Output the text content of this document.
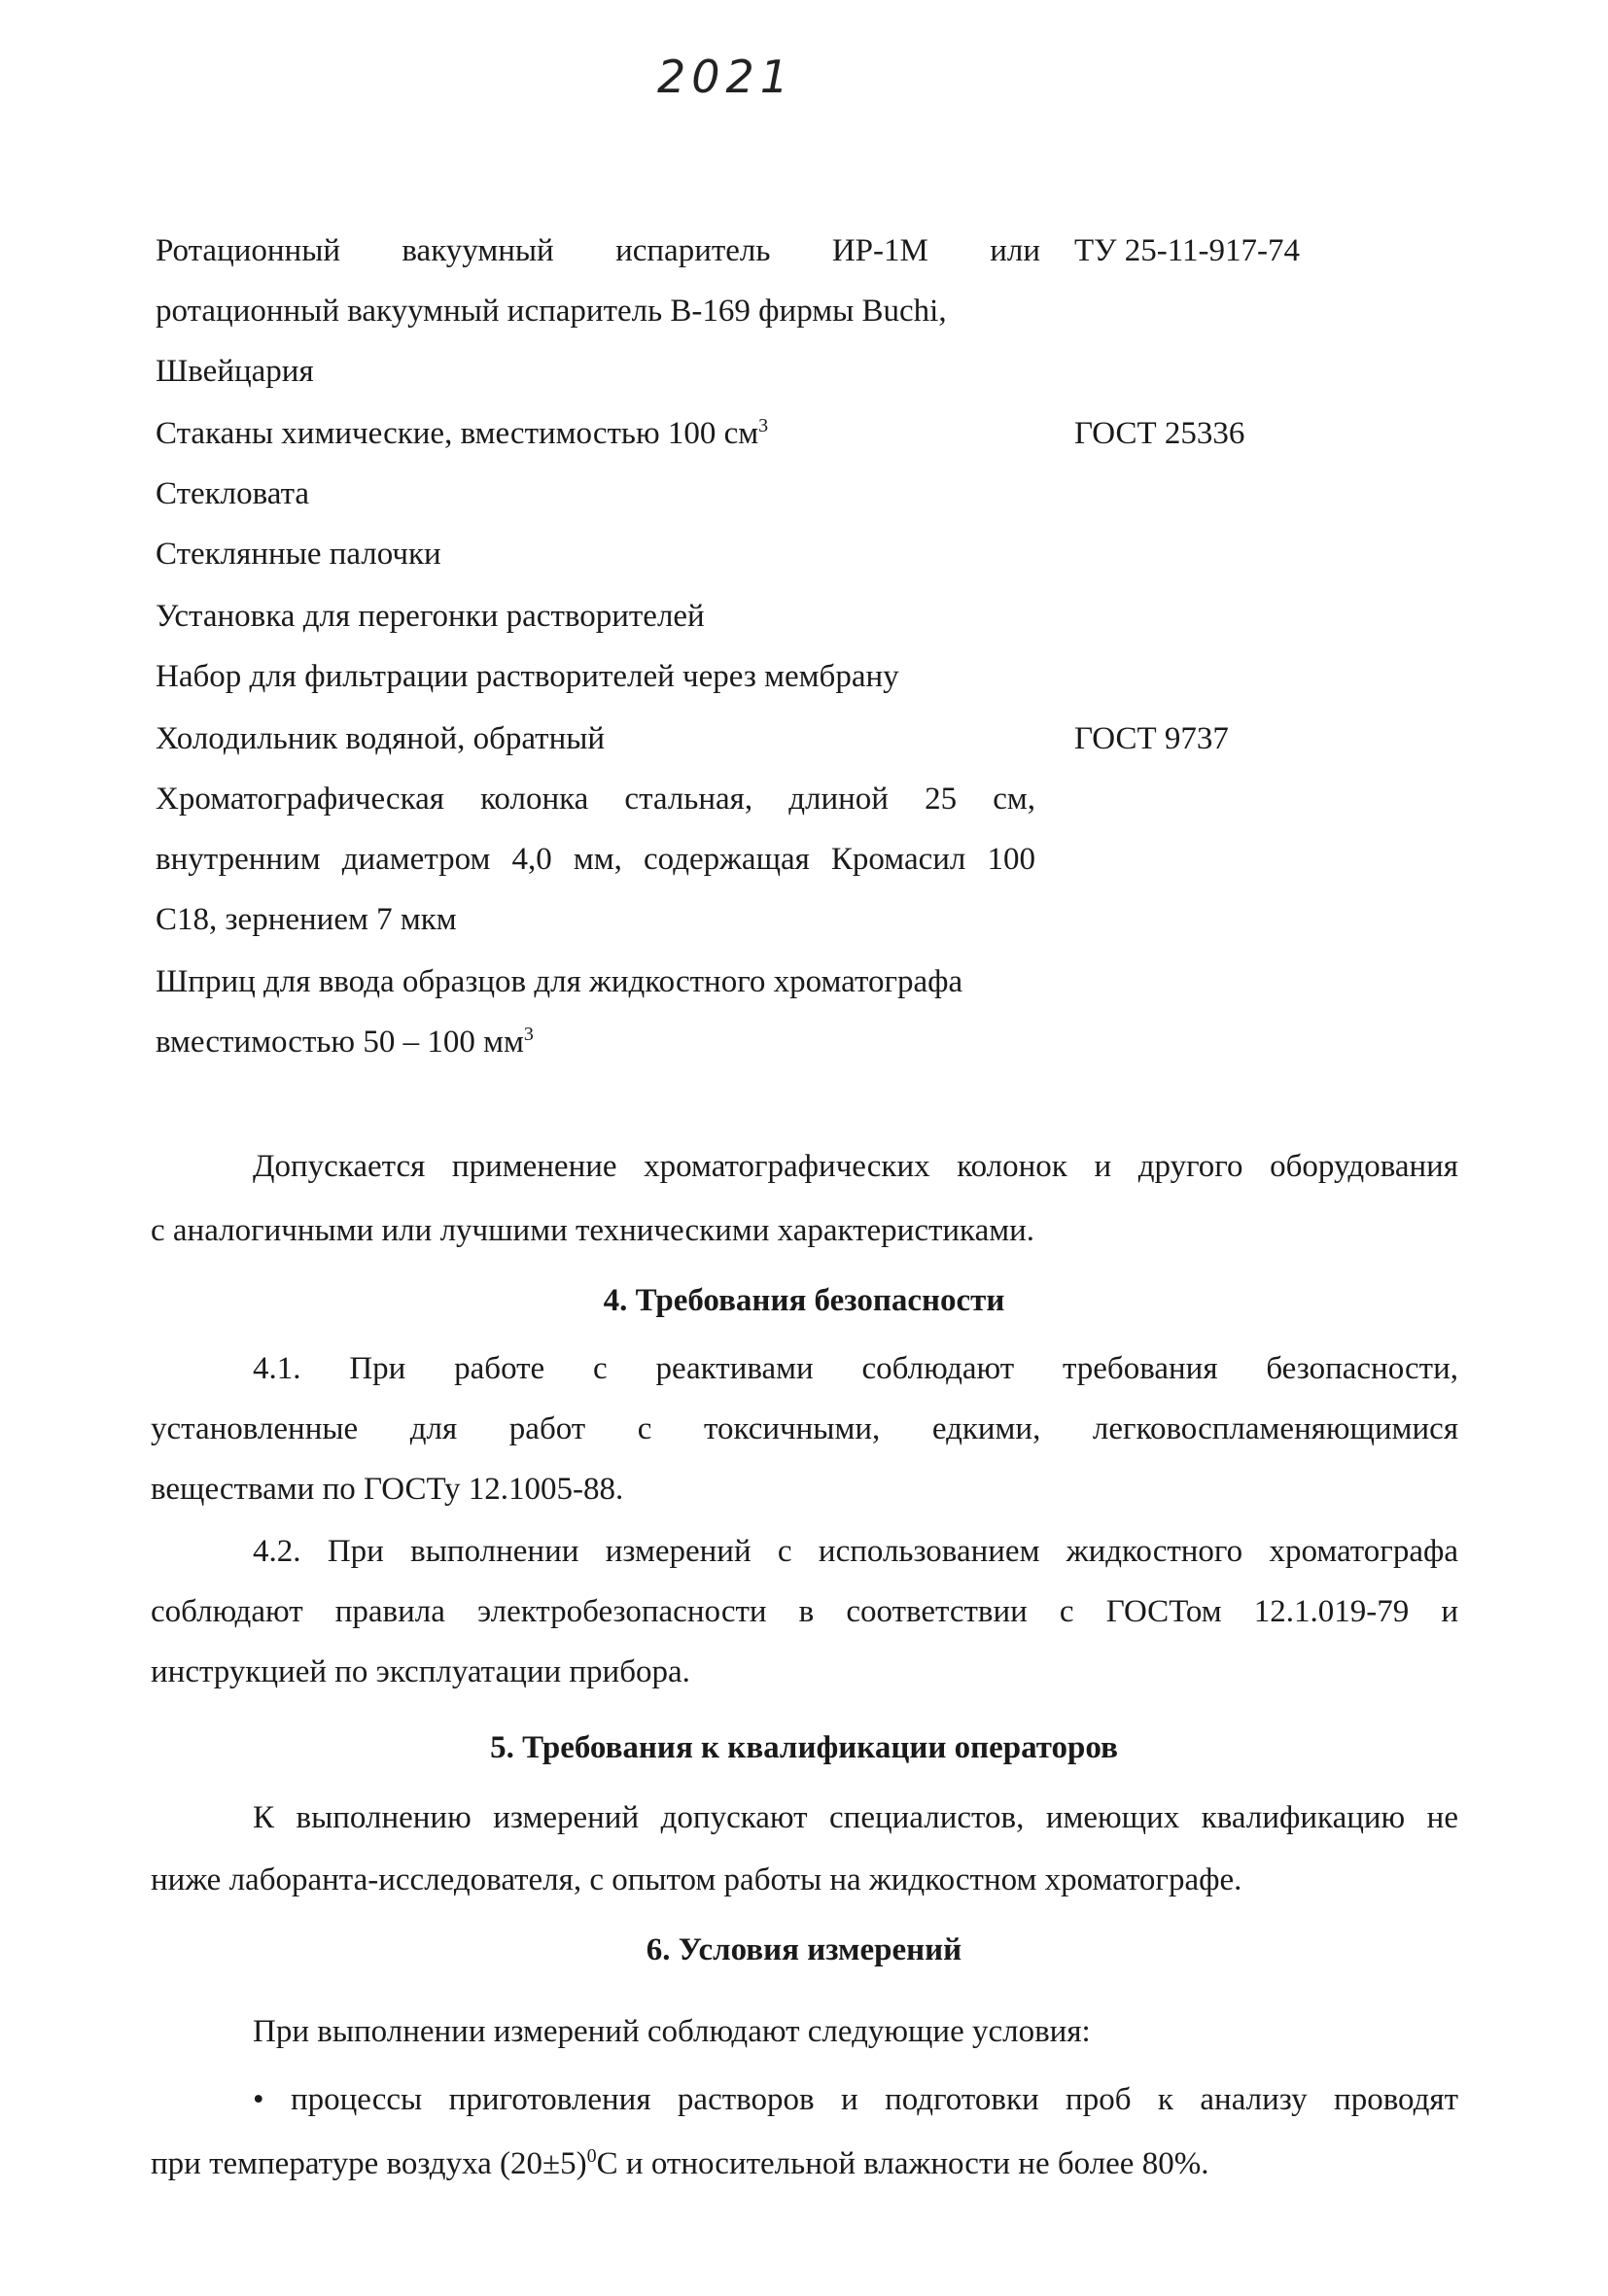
2021
Ротационный вакуумный испаритель ИР-1М или ТУ 25-11-917-74
ротационный вакуумный испаритель В-169 фирмы Buchi,
Швейцария
Стаканы химические, вместимостью 100 $см^3$	ГОСТ 25336
Стекловата
Стеклянные палочки
Установка для перегонки растворителей
Набор для фильтрации растворителей через мембрану
Холодильник водяной, обратный	ГОСТ 9737
Хроматографическая колонка стальная, длиной 25 см,
внутренним диаметром 4,0 мм, содержащая Кромасил 100
С18, зернением 7 мкм
Шприц для ввода образцов для жидкостного хроматографа
вместимостью 50 – 100 $мм^3$
Допускается применение хроматографических колонок и другого оборудования
с аналогичными или лучшими техническими характеристиками.
4. Требования безопасности
4.1. При работе с реактивами соблюдают требования безопасности,
установленные для работ с токсичными, едкими, легковоспламеняющимися
веществами по ГОСТу 12.1005-88.
4.2. При выполнении измерений с использованием жидкостного хроматографа
соблюдают правила электробезопасности в соответствии с ГОСТом 12.1.019-79 и
инструкцией по эксплуатации прибора.
5. Требования к квалификации операторов
К выполнению измерений допускают специалистов, имеющих квалификацию не
ниже лаборанта-исследователя, с опытом работы на жидкостном хроматографе.
6. Условия измерений
При выполнении измерений соблюдают следующие условия:
• процессы приготовления растворов и подготовки проб к анализу проводят
при температуре воздуха $(20\pm 5)^0С$ и относительной влажности не более 80%.
